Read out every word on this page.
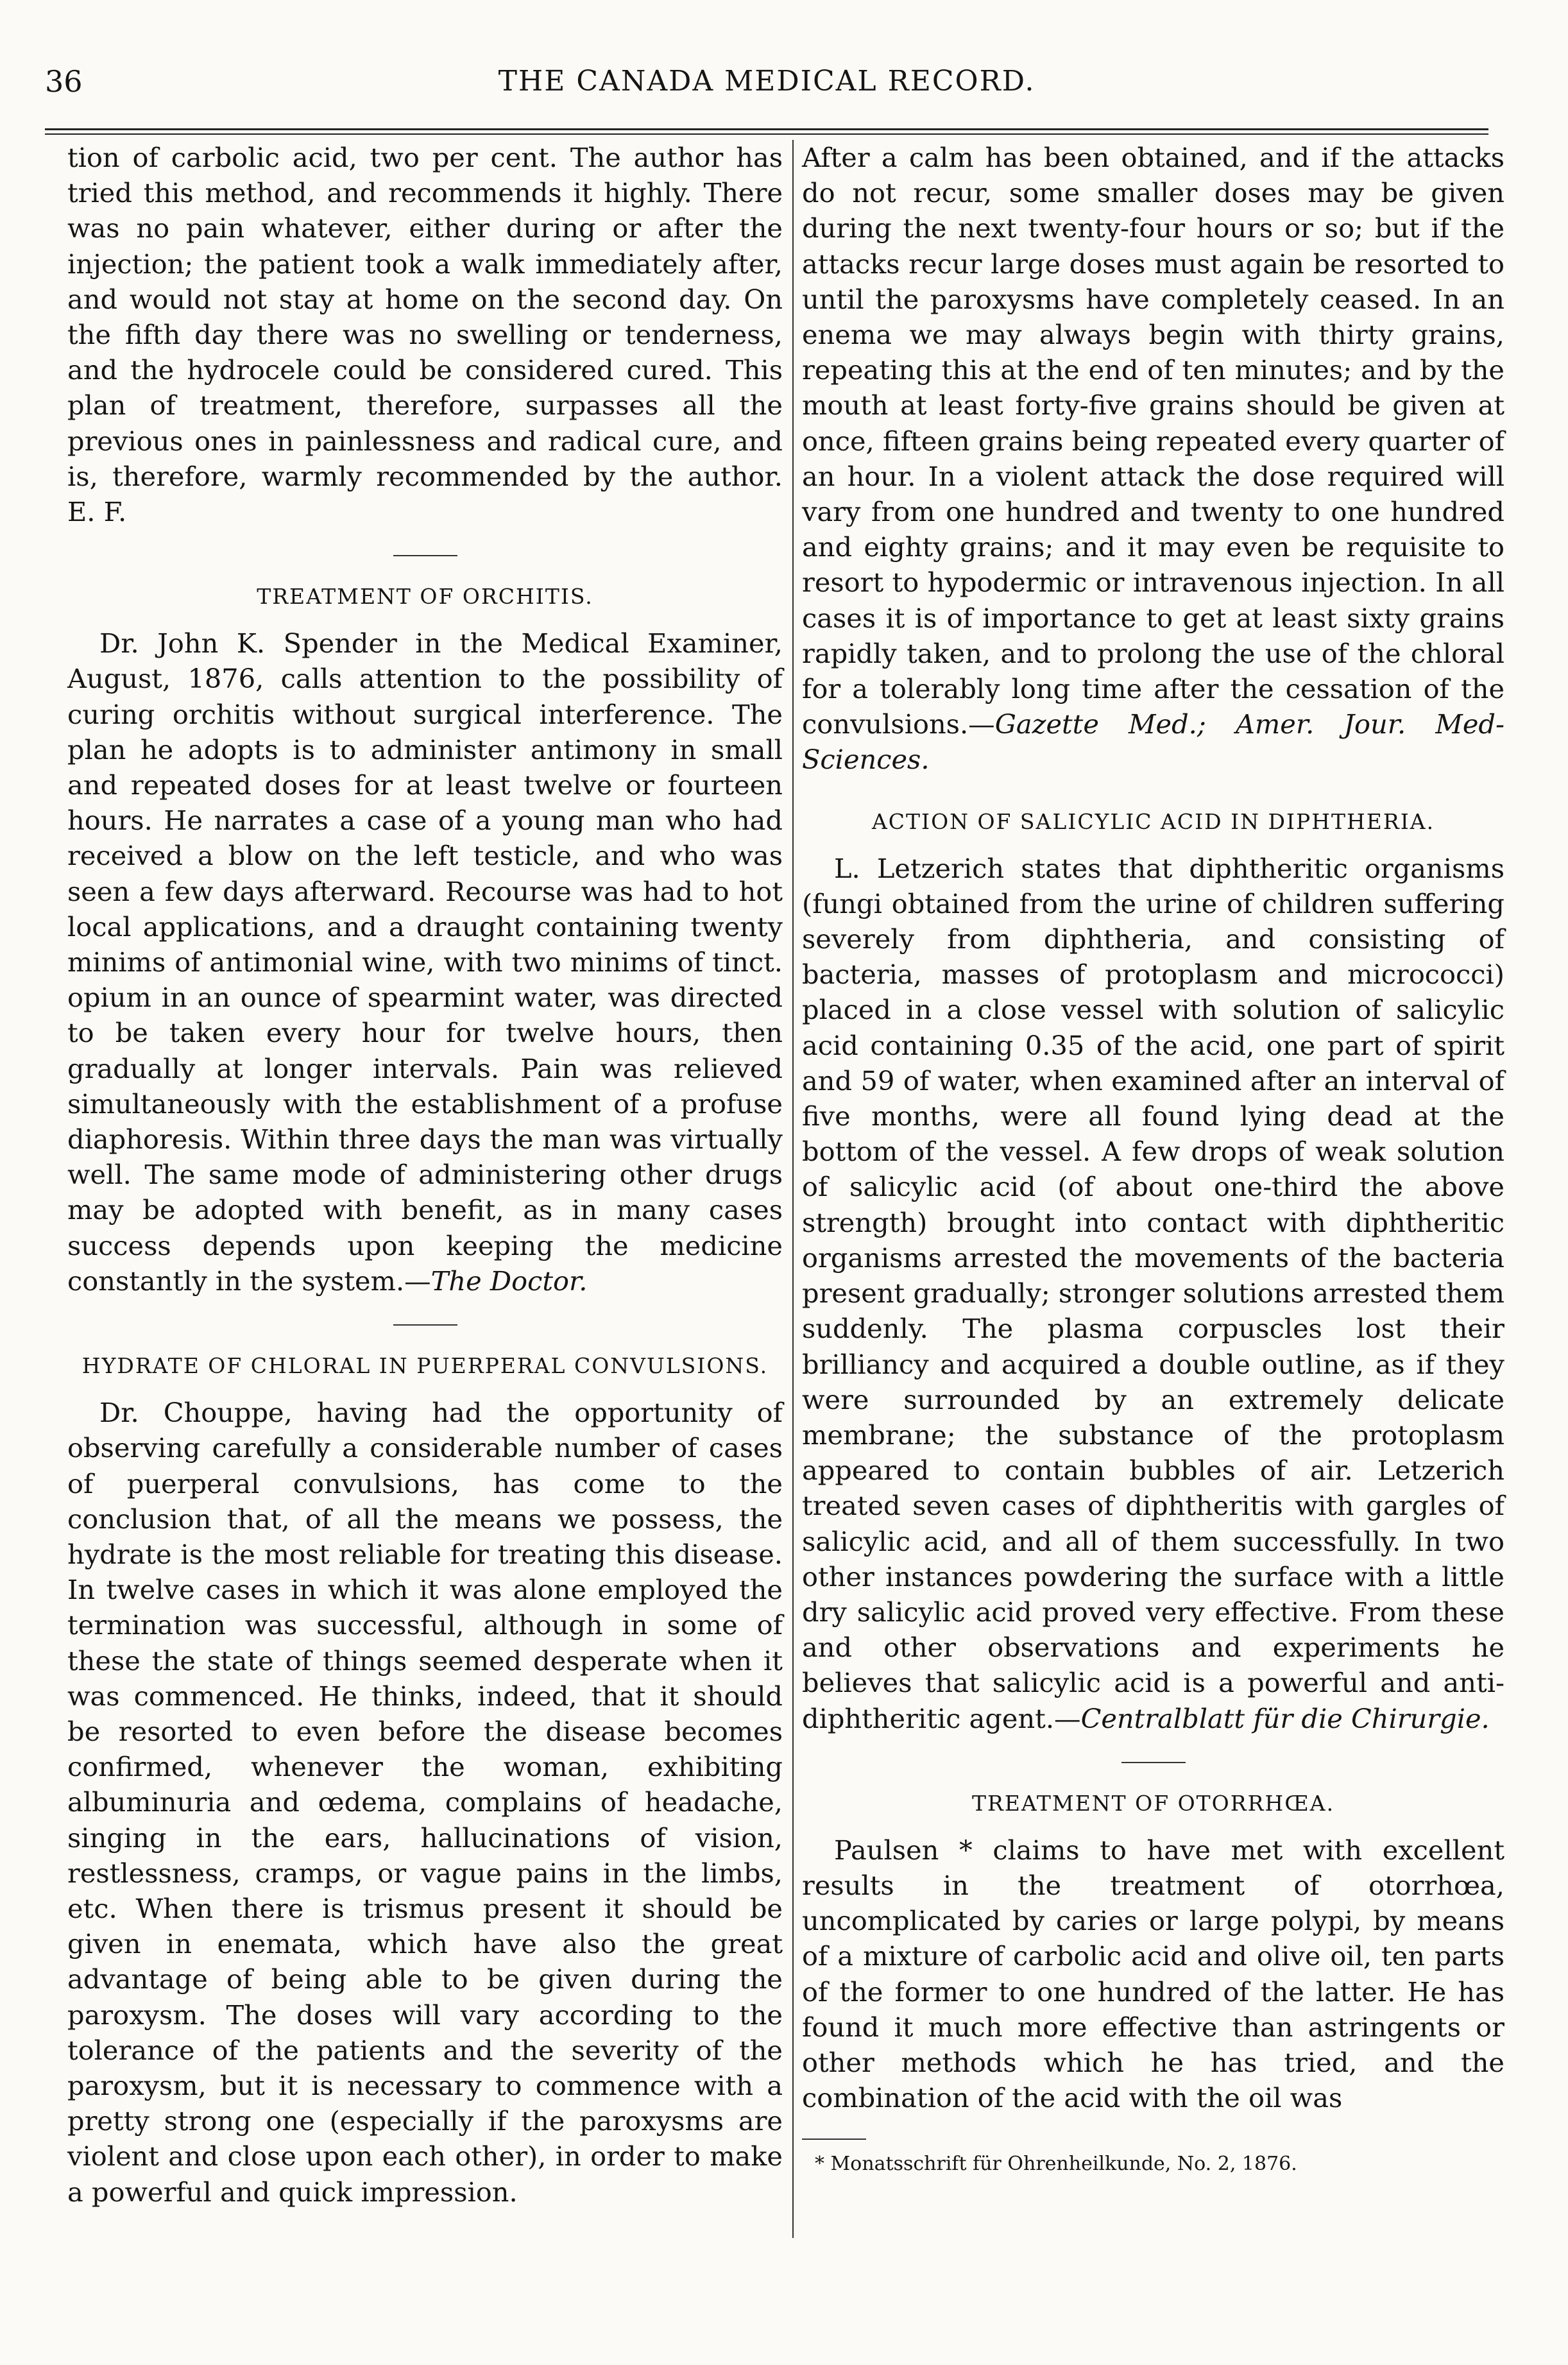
36	THE CANADA MEDICAL RECORD.

tion of carbolic acid, two per cent. The author has tried this method, and recommends it highly. There was no pain whatever, either during or after the injection; the patient took a walk immediately after, and would not stay at home on the second day. On the fifth day there was no swelling or tenderness, and the hydrocele could be considered cured. This plan of treatment, therefore, surpasses all the previous ones in painlessness and radical cure, and is, therefore, warmly recommended by the author. E. F.

TREATMENT OF ORCHITIS.

Dr. John K. Spender in the Medical Examiner, August, 1876, calls attention to the possibility of curing orchitis without surgical interference. The plan he adopts is to administer antimony in small and repeated doses for at least twelve or fourteen hours. He narrates a case of a young man who had received a blow on the left testicle, and who was seen a few days afterward. Recourse was had to hot local applications, and a draught containing twenty minims of antimonial wine, with two minims of tinct. opium in an ounce of spearmint water, was directed to be taken every hour for twelve hours, then gradually at longer intervals. Pain was relieved simultaneously with the establishment of a profuse diaphoresis. Within three days the man was virtually well. The same mode of administering other drugs may be adopted with benefit, as in many cases success depends upon keeping the medicine constantly in the system.—The Doctor.

HYDRATE OF CHLORAL IN PUERPERAL CONVULSIONS.

Dr. Chouppe, having had the opportunity of observing carefully a considerable number of cases of puerperal convulsions, has come to the conclusion that, of all the means we possess, the hydrate is the most reliable for treating this disease. In twelve cases in which it was alone employed the termination was successful, although in some of these the state of things seemed desperate when it was commenced. He thinks, indeed, that it should be resorted to even before the disease becomes confirmed, whenever the woman, exhibiting albuminuria and œdema, complains of headache, singing in the ears, hallucinations of vision, restlessness, cramps, or vague pains in the limbs, etc. When there is trismus present it should be given in enemata, which have also the great advantage of being able to be given during the paroxysm. The doses will vary according to the tolerance of the patients and the severity of the paroxysm, but it is necessary to commence with a pretty strong one (especially if the paroxysms are violent and close upon each other), in order to make a powerful and quick impression.

After a calm has been obtained, and if the attacks do not recur, some smaller doses may be given during the next twenty-four hours or so; but if the attacks recur large doses must again be resorted to until the paroxysms have completely ceased. In an enema we may always begin with thirty grains, repeating this at the end of ten minutes; and by the mouth at least forty-five grains should be given at once, fifteen grains being repeated every quarter of an hour. In a violent attack the dose required will vary from one hundred and twenty to one hundred and eighty grains; and it may even be requisite to resort to hypodermic or intravenous injection. In all cases it is of importance to get at least sixty grains rapidly taken, and to prolong the use of the chloral for a tolerably long time after the cessation of the convulsions.—Gazette Med.; Amer. Jour. Med-Sciences.

ACTION OF SALICYLIC ACID IN DIPHTHERIA.

L. Letzerich states that diphtheritic organisms (fungi obtained from the urine of children suffering severely from diphtheria, and consisting of bacteria, masses of protoplasm and micrococci) placed in a close vessel with solution of salicylic acid containing 0.35 of the acid, one part of spirit and 59 of water, when examined after an interval of five months, were all found lying dead at the bottom of the vessel. A few drops of weak solution of salicylic acid (of about one-third the above strength) brought into contact with diphtheritic organisms arrested the movements of the bacteria present gradually; stronger solutions arrested them suddenly. The plasma corpuscles lost their brilliancy and acquired a double outline, as if they were surrounded by an extremely delicate membrane; the substance of the protoplasm appeared to contain bubbles of air. Letzerich treated seven cases of diphtheritis with gargles of salicylic acid, and all of them successfully. In two other instances powdering the surface with a little dry salicylic acid proved very effective. From these and other observations and experiments he believes that salicylic acid is a powerful and anti-diphtheritic agent.—Centralblatt für die Chirurgie.

TREATMENT OF OTORRHŒA.

Paulsen * claims to have met with excellent results in the treatment of otorrhœa, uncomplicated by caries or large polypi, by means of a mixture of carbolic acid and olive oil, ten parts of the former to one hundred of the latter. He has found it much more effective than astringents or other methods which he has tried, and the combination of the acid with the oil was

* Monatsschrift für Ohrenheilkunde, No. 2, 1876.
